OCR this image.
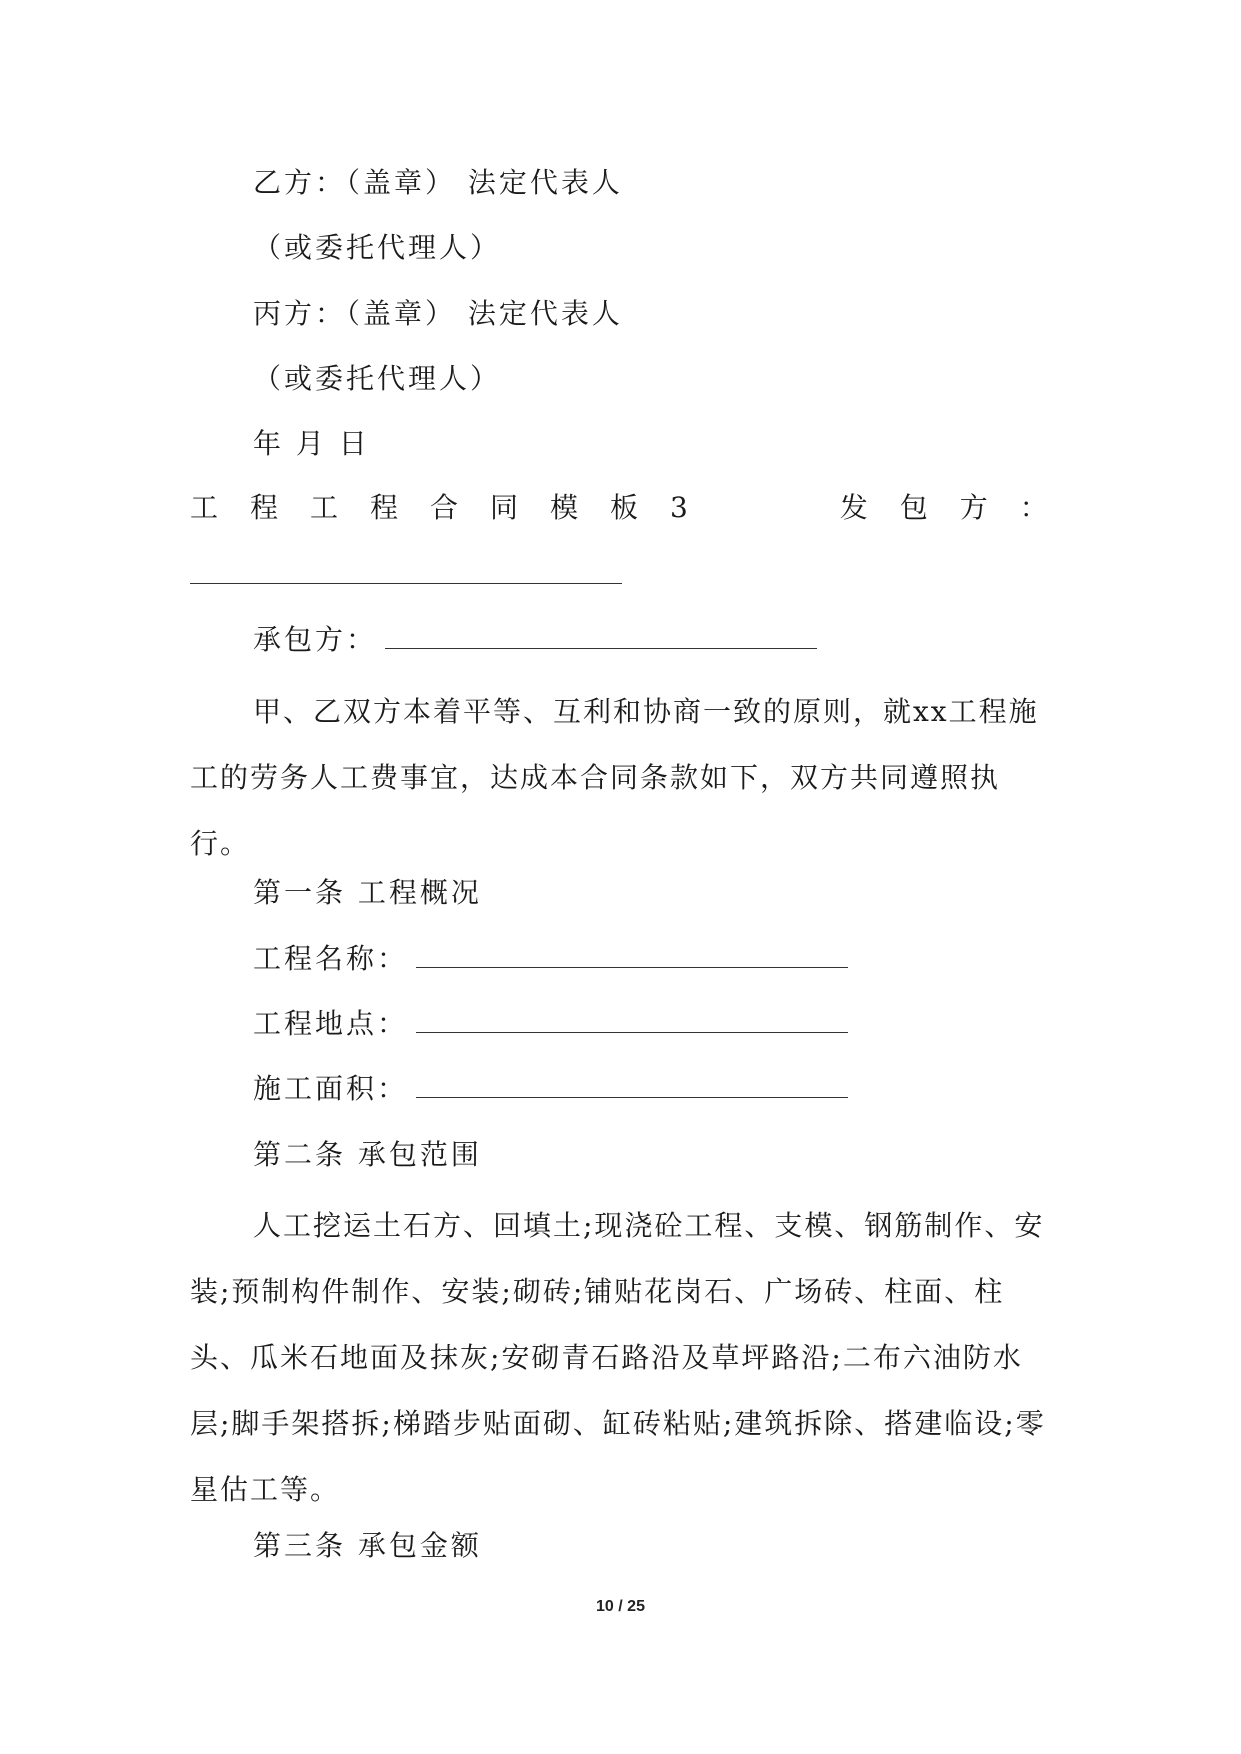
乙方：（盖章） 法定代表人
（或委托代理人）
丙方：（盖章） 法定代表人
（或委托代理人）
年 月 日
工 程 工 程 合 同 模 板 3	发 包 方 ：
承包方：
甲、乙双方本着平等、互利和协商一致的原则，就xx工程施工的劳务人工费事宜，达成本合同条款如下，双方共同遵照执行。
第一条 工程概况
工程名称：
工程地点：
施工面积：
第二条 承包范围
人工挖运土石方、回填土;现浇砼工程、支模、钢筋制作、安装;预制构件制作、安装;砌砖;铺贴花岗石、广场砖、柱面、柱头、瓜米石地面及抹灰;安砌青石路沿及草坪路沿;二布六油防水层;脚手架搭拆;梯踏步贴面砌、缸砖粘贴;建筑拆除、搭建临设;零星估工等。
第三条 承包金额
10 / 25
